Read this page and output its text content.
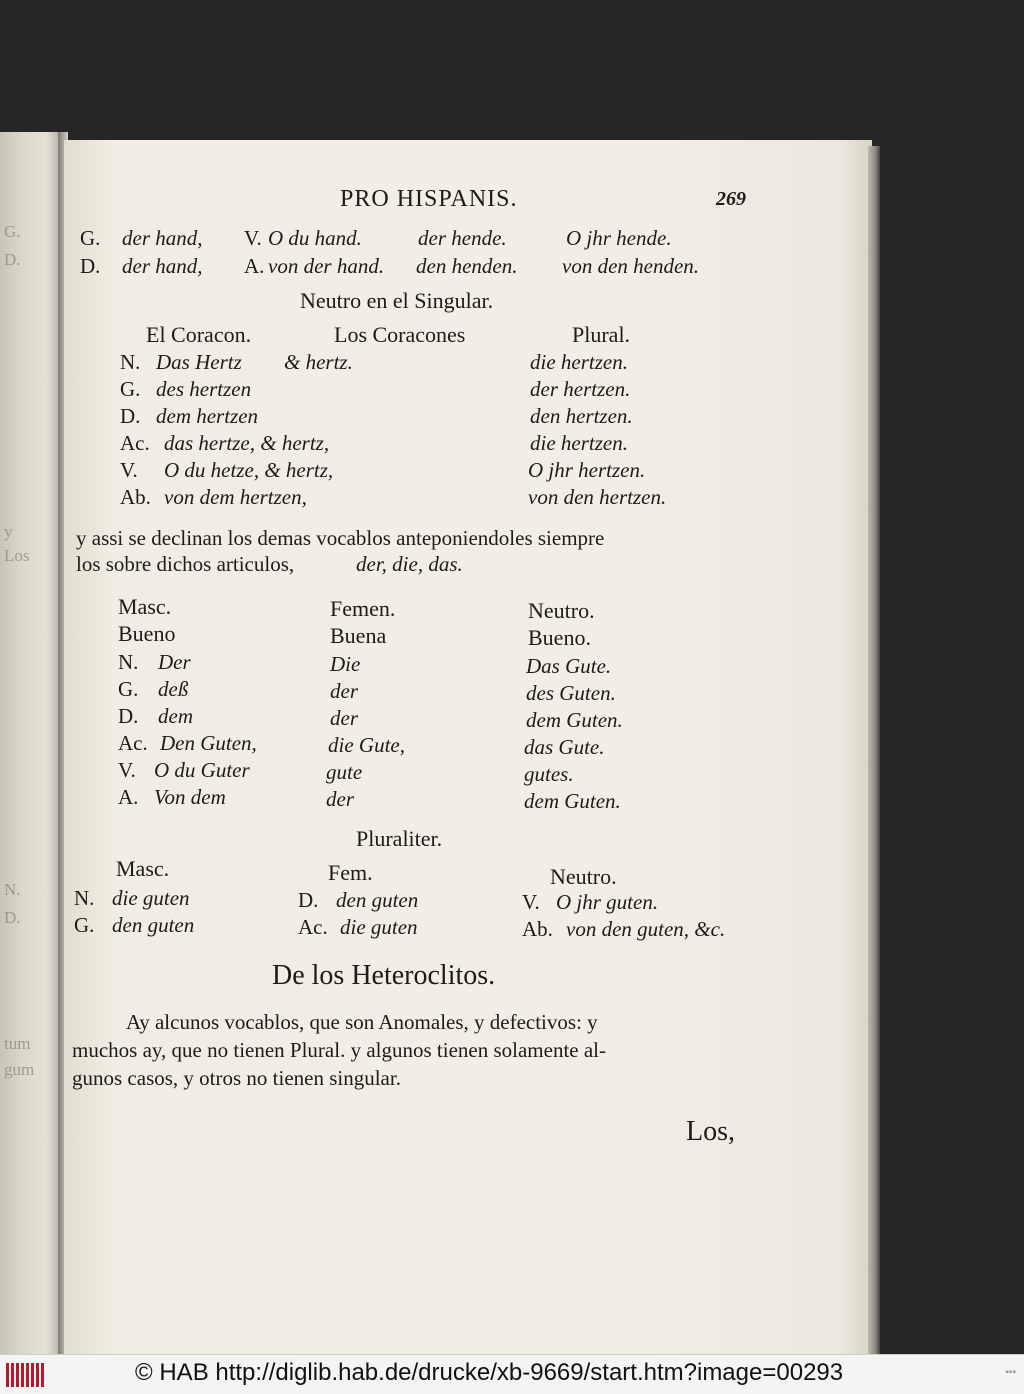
G.
D.
y
Los
N.
D.
tum
gum
PRO HISPANIS.	269
G. der hand, V. O du hand.	der hende.	O jhr hende.
D. der hand, A. von der hand. den henden. von den henden.
Neutro en el Singular.
El Coracon.	Los Coracones	Plural.
N. Das Hertz & hertz.	die hertzen.
G. des hertzen	der hertzen.
D. dem hertzen	den hertzen.
Ac. das hertze, & hertz,	die hertzen.
V. O du hetze, & hertz,	O jhr hertzen.
Ab. von dem hertzen,	von den hertzen.
y assi se declinan los demas vocablos anteponiendoles siempre
los sobre dichos articulos,	der, die, das.
Masc.	Femen.	Neutro.
Bueno	Buena	Bueno.
N. Der	Die	Das Gute.
G. deß	der	des Guten.
D. dem	der	dem Guten.
Ac. Den Guten,	die Gute,	das Gute.
V. O du Guter	gute	gutes.
A. Von dem	der	dem Guten.
Pluraliter.
Masc.	Fem.	Neutro.
N. die guten	D. den guten	V. O jhr guten.
G. den guten	Ac. die guten	Ab. von den guten, &c.
De los Heteroclitos.
Ay alcunos vocablos, que son Anomales, y defectivos: y
muchos ay, que no tienen Plural. y algunos tienen solamente al-
gunos casos, y otros no tienen singular.
Los,
© HAB http://diglib.hab.de/drucke/xb-9669/start.htm?image=00293	▪▪▪
